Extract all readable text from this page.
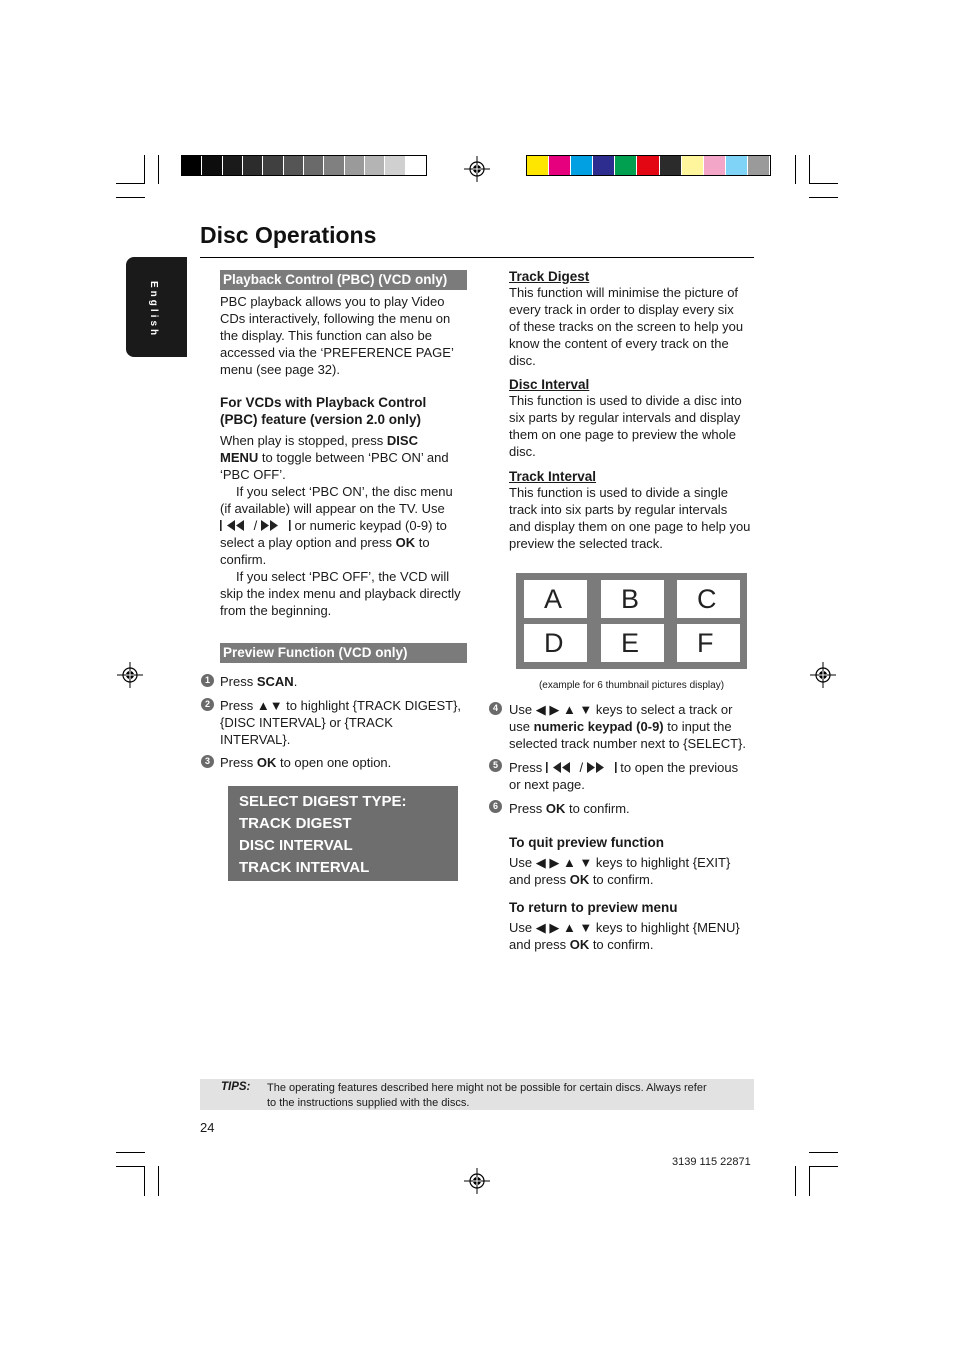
English
Disc Operations
Playback Control (PBC) (VCD only)
PBC playback allows you to play Video
CDs interactively, following the menu on
the display. This function can also be
accessed via the ‘PREFERENCE PAGE’
menu (see page 32).
For VCDs with Playback Control
(PBC) feature (version 2.0 only)
When play is stopped, press DISC
MENU to toggle between ‘PBC ON’ and
‘PBC OFF’.
If you select ‘PBC ON’, the disc menu
(if available) will appear on the TV. Use
/  or numeric keypad (0-9) to
select a play option and press OK to
confirm.
If you select ‘PBC OFF’, the VCD will
skip the index menu and playback directly
from the beginning.
Preview Function (VCD only)
1 Press SCAN.
2 Press ▲▼ to highlight {TRACK DIGEST},
{DISC INTERVAL} or {TRACK
INTERVAL}.
3 Press OK to open one option.
SELECT DIGEST TYPE:
TRACK DIGEST
DISC INTERVAL
TRACK INTERVAL
Track Digest
This function will minimise the picture of
every track in order to display every six
of these tracks on the screen to help you
know the content of every track on the
disc.
Disc Interval
This function is used to divide a disc into
six parts by regular intervals and display
them on one page to preview the whole
disc.
Track Interval
This function is used to divide a single
track into six parts by regular intervals
and display them on one page to help you
preview the selected track.
A	B	C
D	E	F
(example for 6 thumbnail pictures display)
4 Use ◀ ▶ ▲ ▼ keys to select a track or
use numeric keypad (0-9) to input the
selected track number next to {SELECT}.
5 Press  /  to open the previous
or next page.
6 Press OK to confirm.
To quit preview function
Use ◀ ▶ ▲ ▼ keys to highlight {EXIT}
and press OK to confirm.
To return to preview menu
Use ◀ ▶ ▲ ▼ keys to highlight {MENU}
and press OK to confirm.
TIPS: The operating features described here might not be possible for certain discs. Always refer
to the instructions supplied with the discs.
24
3139 115 22871
